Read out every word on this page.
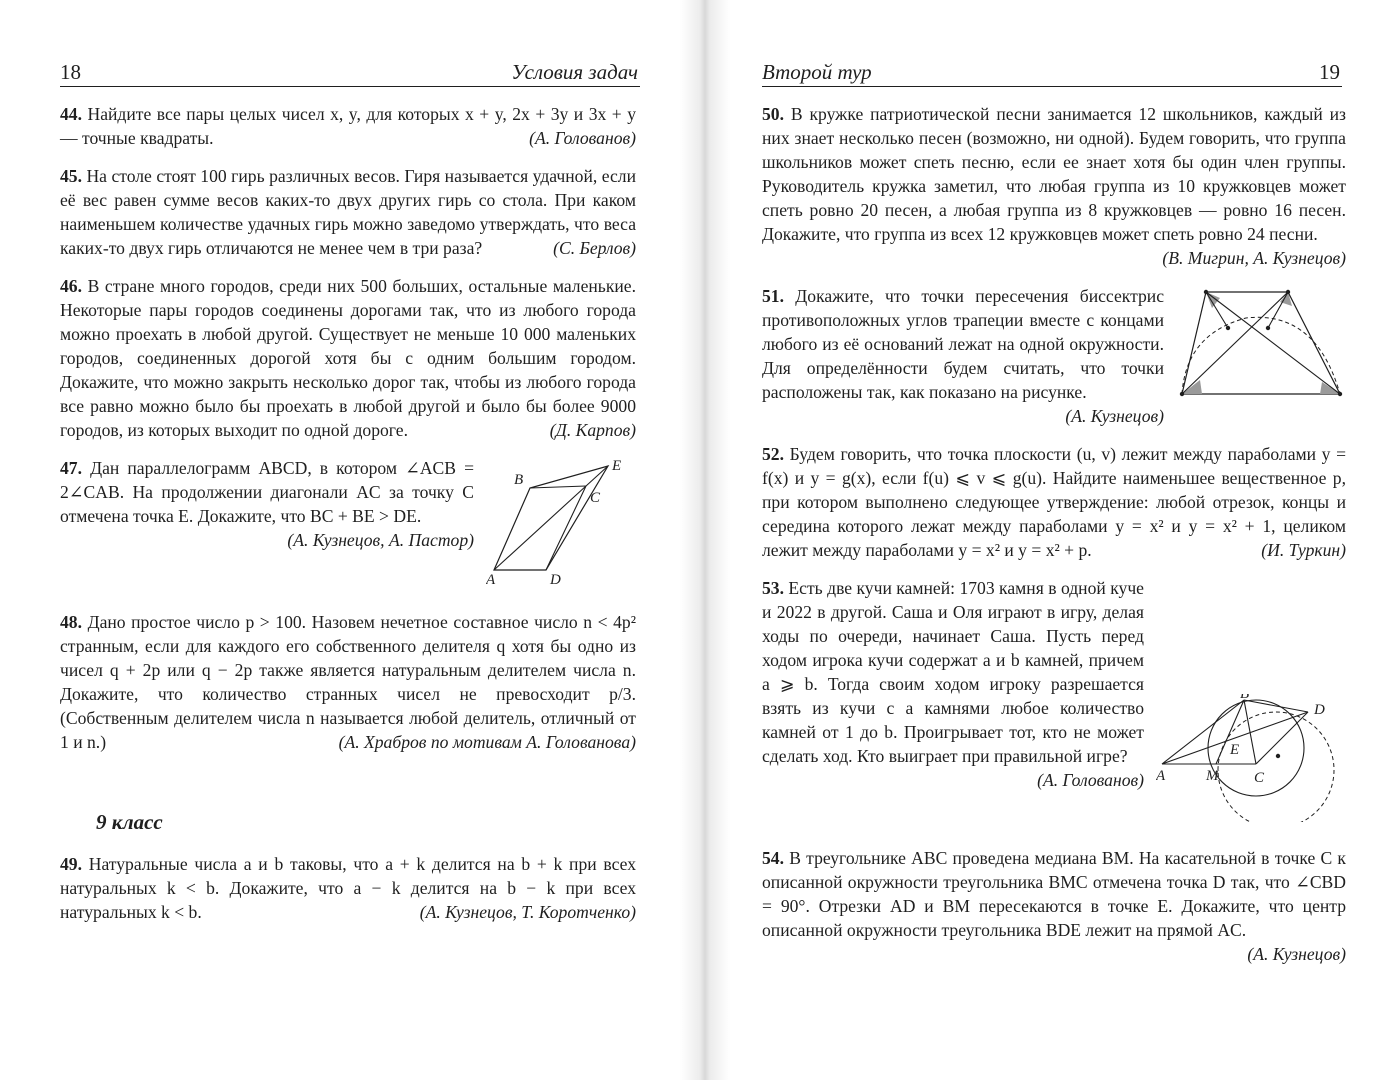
18	Условия задач
44. Найдите все пары целых чисел x, y, для которых x + y, 2x + 3y и 3x + y — точные квадраты.	(А. Голованов)
45. На столе стоят 100 гирь различных весов. Гиря называется удачной, если её вес равен сумме весов каких-то двух других гирь со стола. При каком наименьшем количестве удачных гирь можно заведомо утверждать, что веса каких-то двух гирь отличаются не менее чем в три раза?	(С. Берлов)
46. В стране много городов, среди них 500 больших, остальные маленькие. Некоторые пары городов соединены дорогами так, что из любого города можно проехать в любой другой. Существует не меньше 10 000 маленьких городов, соединенных дорогой хотя бы с одним большим городом. Докажите, что можно закрыть несколько дорог так, чтобы из любого города все равно можно было бы проехать в любой другой и было бы более 9000 городов, из которых выходит по одной дороге.	(Д. Карпов)
A
B
C
D
E
47. Дан параллелограмм ABCD, в котором ∠ACB = 2∠CAB. На продолжении диагонали AC за точку C отмечена точка E. Докажите, что BC + BE > DE.
(А. Кузнецов, А. Пастор)
48. Дано простое число p > 100. Назовем нечетное составное число n < 4p² странным, если для каждого его собственного делителя q хотя бы одно из чисел q + 2p или q − 2p также является натуральным делителем числа n. Докажите, что количество странных чисел не превосходит p/3. (Собственным делителем числа n называется любой делитель, отличный от 1 и n.)	(А. Храбров по мотивам А. Голованова)
9 класс
49. Натуральные числа a и b таковы, что a + k делится на b + k при всех натуральных k < b. Докажите, что a − k делится на b − k при всех натуральных k < b.	(А. Кузнецов, Т. Коротченко)
Второй тур	19
50. В кружке патриотической песни занимается 12 школьников, каждый из них знает несколько песен (возможно, ни одной). Будем говорить, что группа школьников может спеть песню, если ее знает хотя бы один член группы. Руководитель кружка заметил, что любая группа из 10 кружковцев может спеть ровно 20 песен, а любая группа из 8 кружковцев — ровно 16 песен. Докажите, что группа из всех 12 кружковцев может спеть ровно 24 песни.
(В. Мигрин, А. Кузнецов)
51. Докажите, что точки пересечения биссектрис противоположных углов трапеции вместе с концами любого из её оснований лежат на одной окружности. Для определённости будем считать, что точки расположены так, как показано на рисунке.
(А. Кузнецов)
52. Будем говорить, что точка плоскости (u, v) лежит между параболами y = f(x) и y = g(x), если f(u) ⩽ v ⩽ g(u). Найдите наименьшее вещественное p, при котором выполнено следующее утверждение: любой отрезок, концы и середина которого лежат между параболами y = x² и y = x² + 1, целиком лежит между параболами y = x² и y = x² + p.	(И. Туркин)
A	M C
B
D
E
53. Есть две кучи камней: 1703 камня в одной куче и 2022 в другой. Саша и Оля играют в игру, делая ходы по очереди, начинает Саша. Пусть перед ходом игрока кучи содержат a и b камней, причем a ⩾ b. Тогда своим ходом игроку разрешается взять из кучи с a камнями любое количество камней от 1 до b. Проигрывает тот, кто не может сделать ход. Кто выиграет при правильной игре?
(А. Голованов)
54. В треугольнике ABC проведена медиана BM. На касательной в точке C к описанной окружности треугольника BMC отмечена точка D так, что ∠CBD = 90°. Отрезки AD и BM пересекаются в точке E. Докажите, что центр описанной окружности треугольника BDE лежит на прямой AC.
(А. Кузнецов)
